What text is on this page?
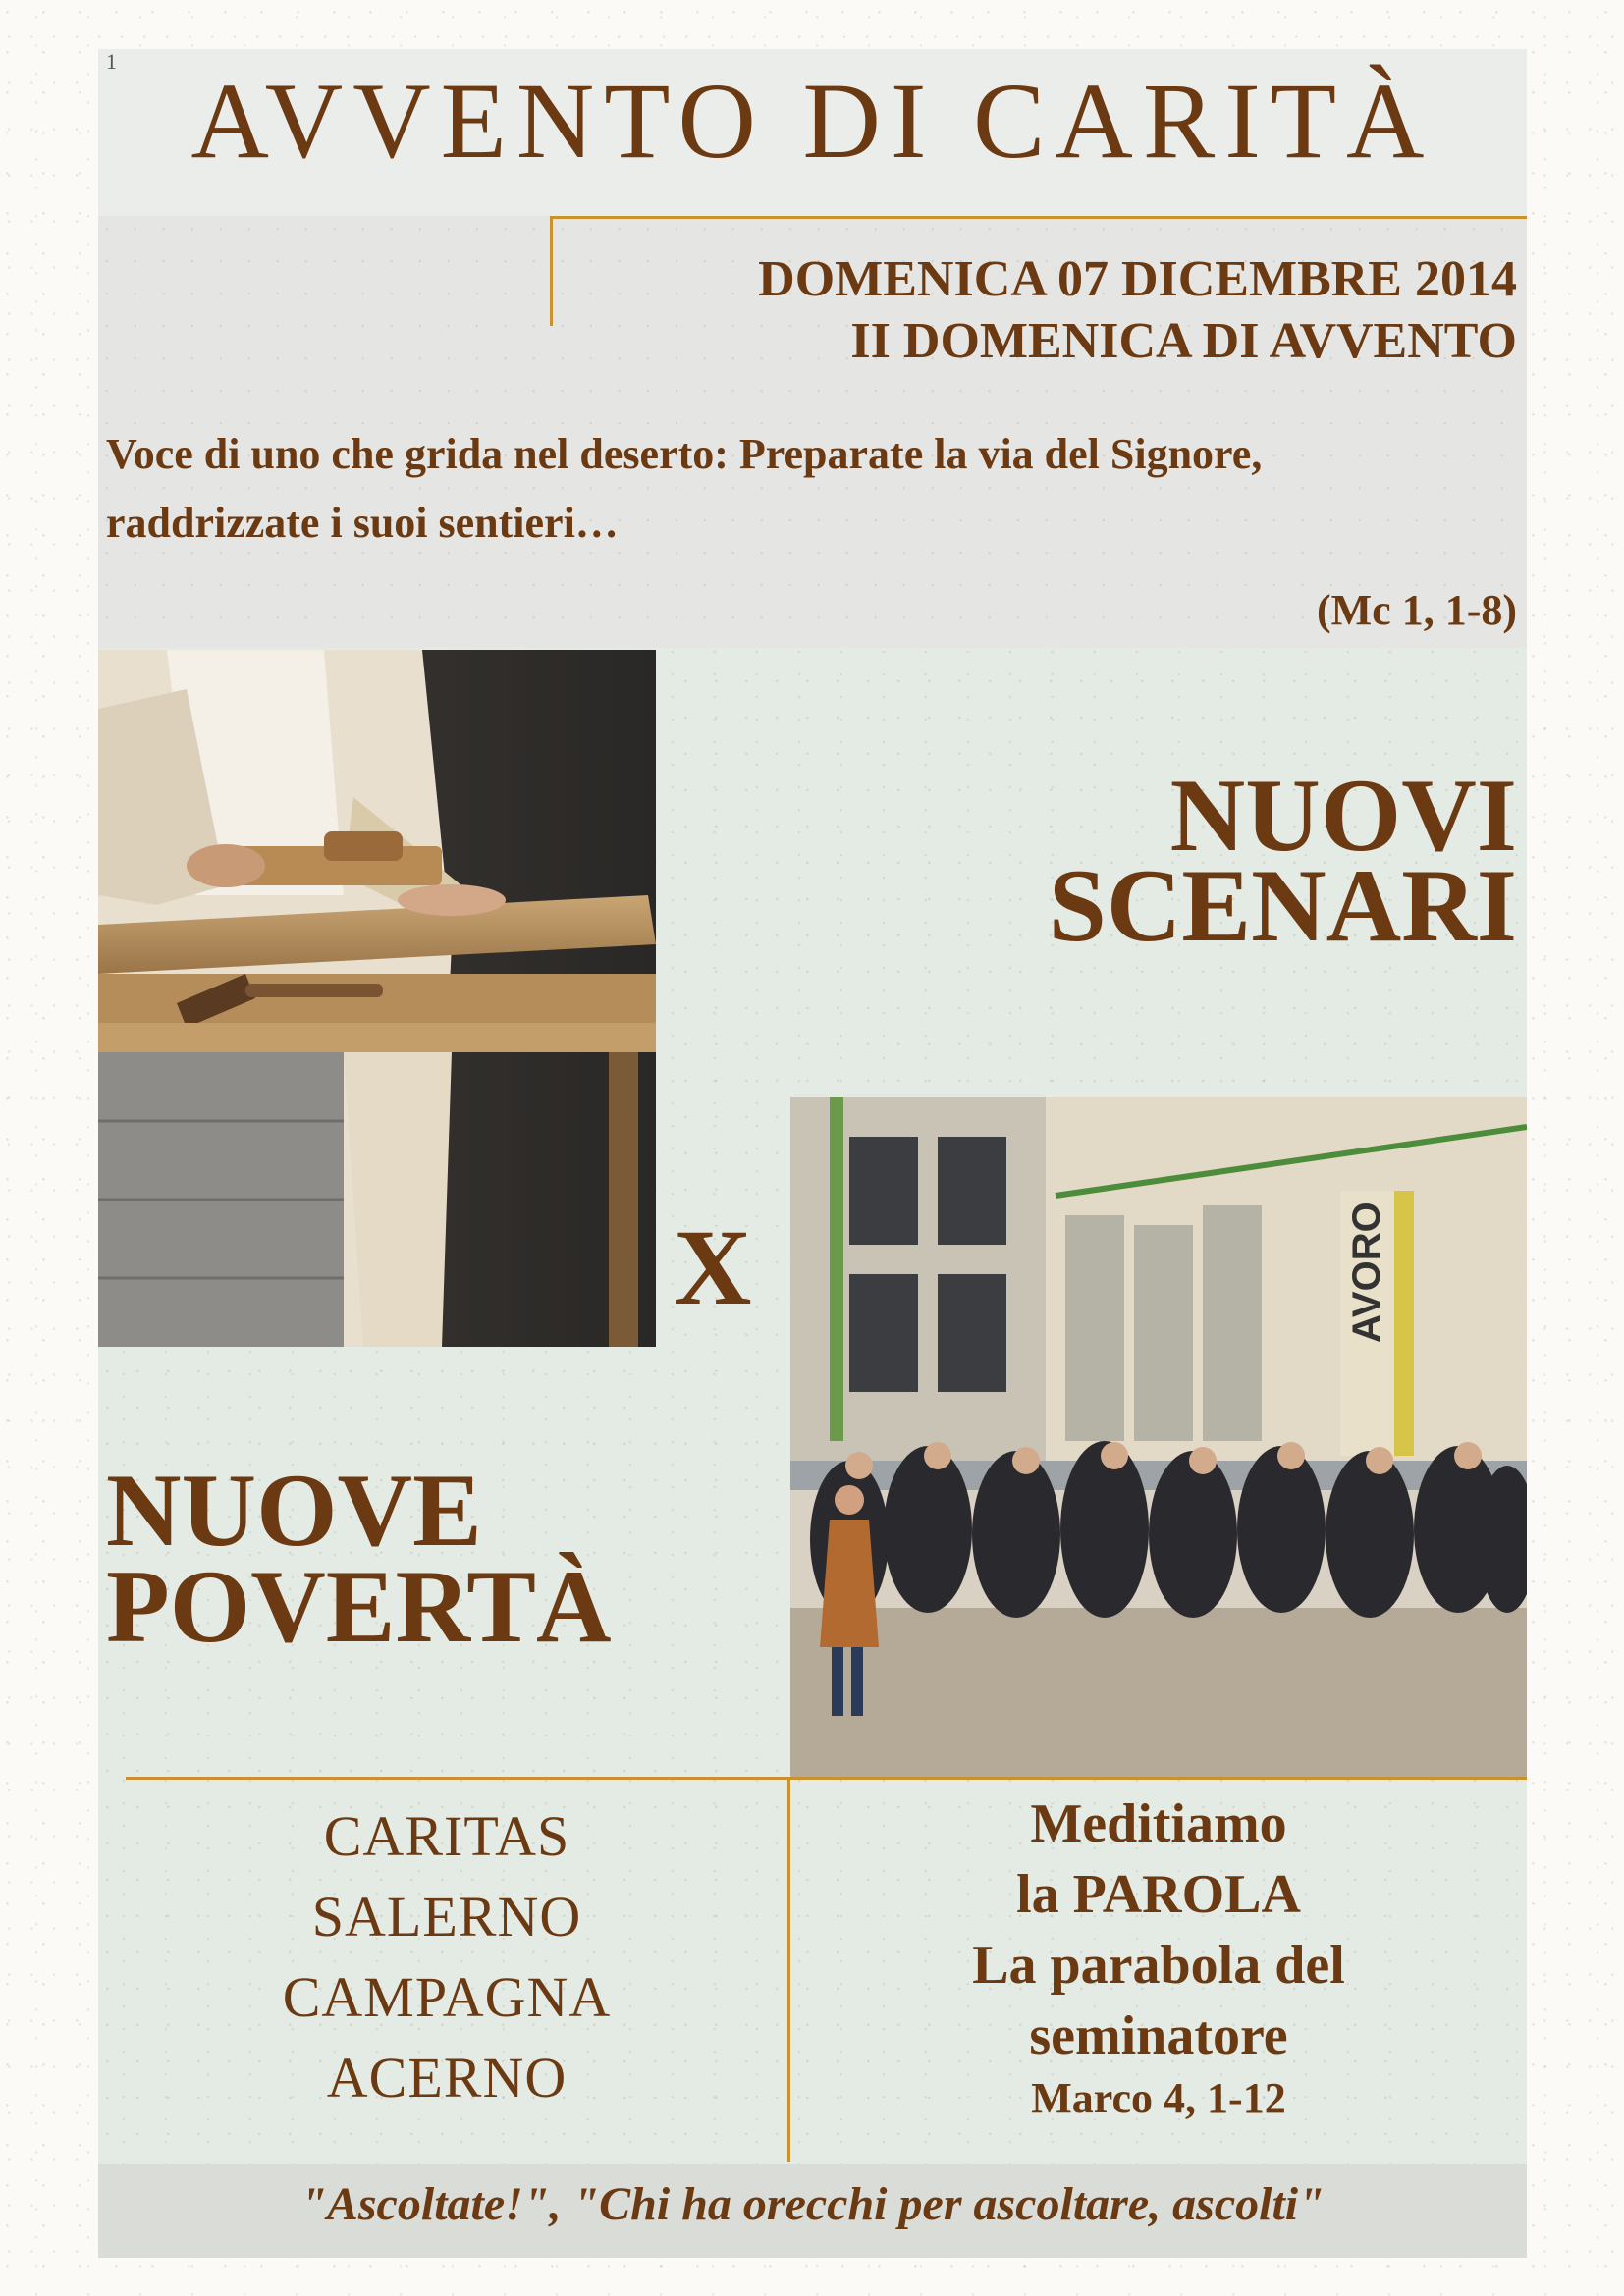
1 AVVENTO DI CARITÀ
DOMENICA 07 DICEMBRE 2014
II DOMENICA DI AVVENTO
Voce di uno che grida nel deserto: Preparate la via del Signore,
raddrizzate i suoi sentieri…
(Mc 1, 1-8)
NUOVI
SCENARI
X	AVORO
NUOVE
POVERTÀ
CARITAS
SALERNO
CAMPAGNA
ACERNO
Meditiamo
la PAROLA
La parabola del
seminatore
Marco 4, 1-12
"Ascoltate!", "Chi ha orecchi per ascoltare, ascolti"
